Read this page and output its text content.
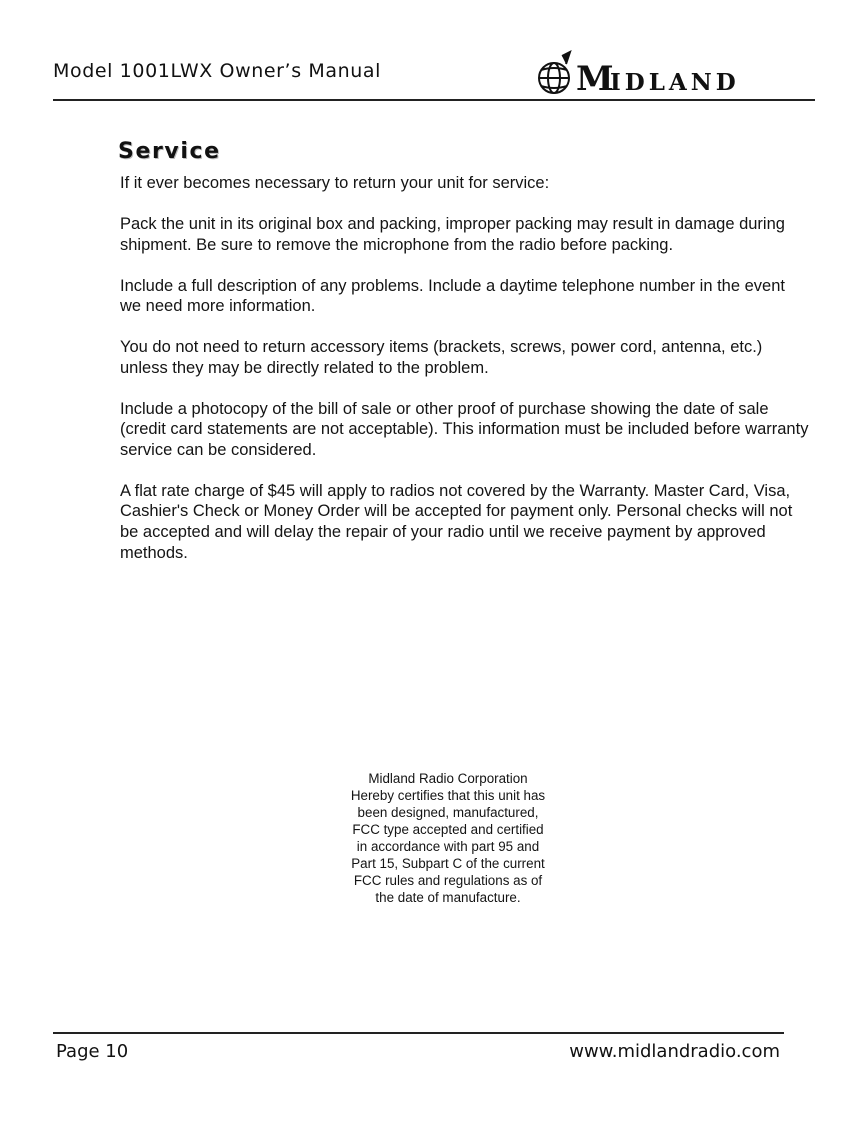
Model 1001LWX Owner’s Manual	M
IDLAND
Service

If it ever becomes necessary to return your unit for service:

Pack the unit in its original box and packing, improper packing may result in damage during shipment. Be sure to remove the microphone from the radio before packing.

Include a full description of any problems. Include a daytime telephone number in the event we need more information.

You do not need to return accessory items (brackets, screws, power cord, antenna, etc.) unless they may be directly related to the problem.

Include a photocopy of the bill of sale or other proof of purchase showing the date of sale (credit card statements are not acceptable). This information must be included before warranty service can be considered.

A flat rate charge of $45 will apply to radios not covered by the Warranty. Master Card, Visa, Cashier's Check or Money Order will be accepted for payment only. Personal checks will not be accepted and will delay the repair of your radio until we receive payment by approved methods.

Midland Radio Corporation
Hereby certifies that this unit has
been designed, manufactured,
FCC type accepted and certified
in accordance with part 95 and
Part 15, Subpart C of the current
FCC rules and regulations as of
the date of manufacture.
Page 10	www.midlandradio.com
